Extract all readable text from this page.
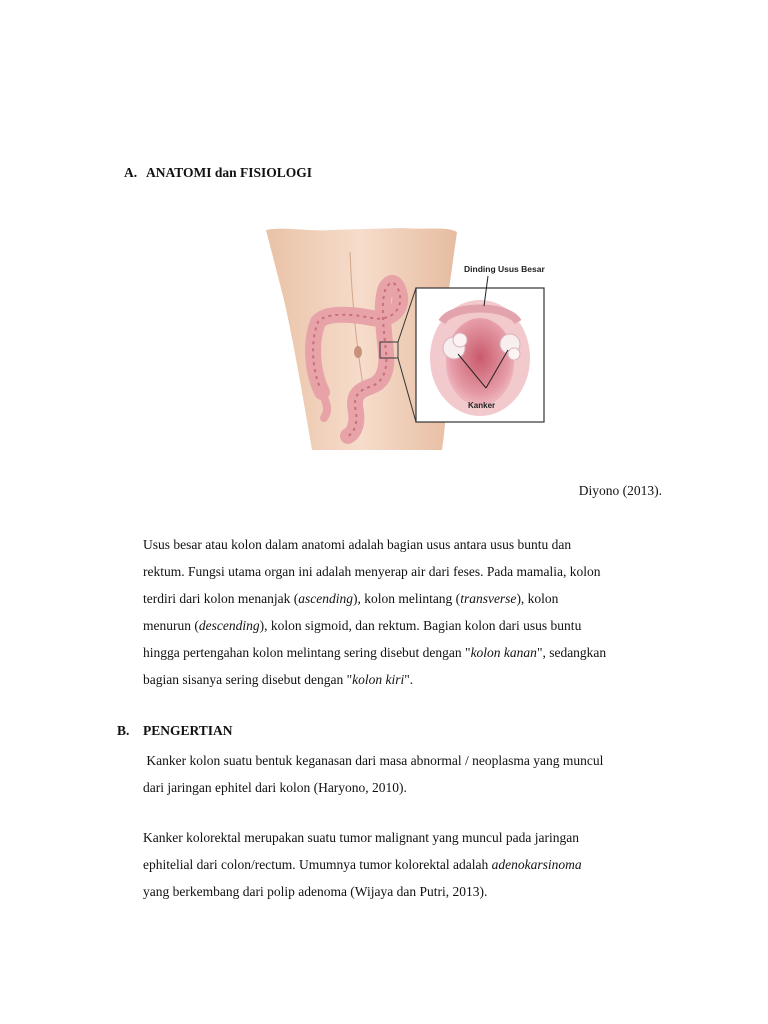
A. ANATOMI dan FISIOLOGI
Dinding Usus Besar
Kanker
Diyono (2013).
Usus besar atau kolon dalam anatomi adalah bagian usus antara usus buntu dan
rektum. Fungsi utama organ ini adalah menyerap air dari feses. Pada mamalia, kolon
terdiri dari kolon menanjak (ascending), kolon melintang (transverse), kolon
menurun (descending), kolon sigmoid, dan rektum. Bagian kolon dari usus buntu
hingga pertengahan kolon melintang sering disebut dengan "kolon kanan", sedangkan
bagian sisanya sering disebut dengan "kolon kiri".
B. PENGERTIAN
Kanker kolon suatu bentuk keganasan dari masa abnormal / neoplasma yang muncul
dari jaringan ephitel dari kolon (Haryono, 2010).
Kanker kolorektal merupakan suatu tumor malignant yang muncul pada jaringan
ephitelial dari colon/rectum. Umumnya tumor kolorektal adalah adenokarsinoma
yang berkembang dari polip adenoma (Wijaya dan Putri, 2013).
